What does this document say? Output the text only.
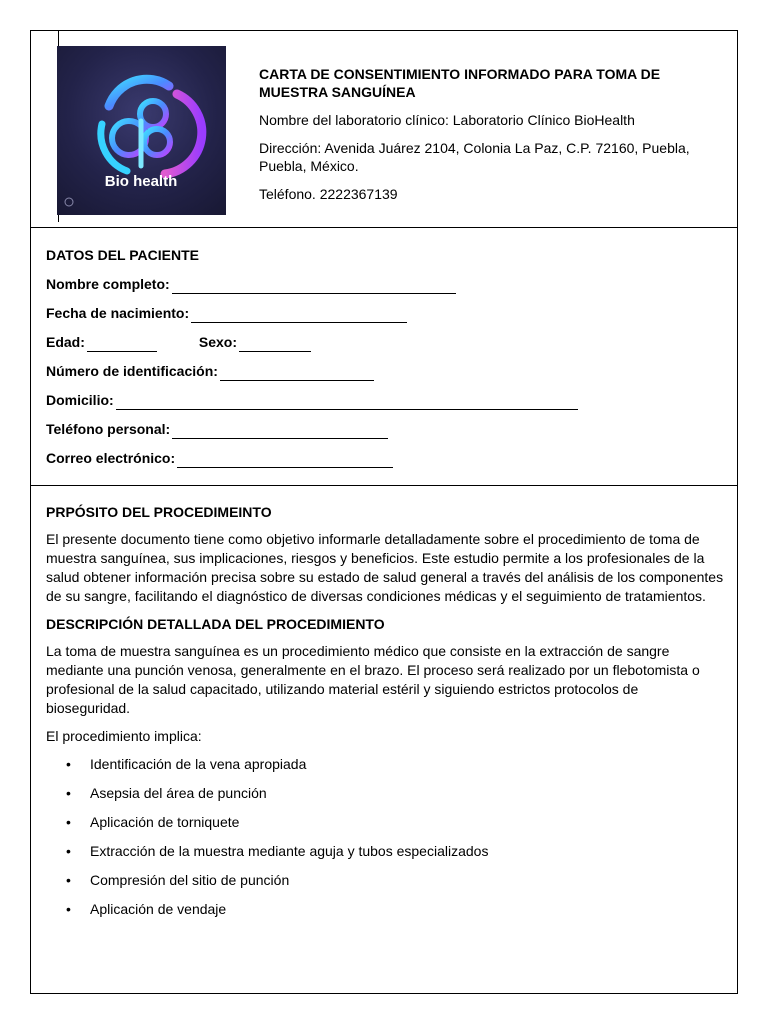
Bio health

CARTA DE CONSENTIMIENTO INFORMADO PARA TOMA DE MUESTRA SANGUÍNEA

Nombre del laboratorio clínico: Laboratorio Clínico BioHealth

Dirección: Avenida Juárez 2104, Colonia La Paz, C.P. 72160, Puebla, Puebla, México.

Teléfono. 2222367139

DATOS DEL PACIENTE

Nombre completo:
Fecha de nacimiento:
Edad:	Sexo:
Número de identificación:
Domicilio:
Teléfono personal:
Correo electrónico:
PRPÓSITO DEL PROCEDIMEINTO

El presente documento tiene como objetivo informarle detalladamente sobre el procedimiento de toma de muestra sanguínea, sus implicaciones, riesgos y beneficios. Este estudio permite a los profesionales de la salud obtener información precisa sobre su estado de salud general a través del análisis de los componentes de su sangre, facilitando el diagnóstico de diversas condiciones médicas y el seguimiento de tratamientos.

DESCRIPCIÓN DETALLADA DEL PROCEDIMIENTO

La toma de muestra sanguínea es un procedimiento médico que consiste en la extracción de sangre mediante una punción venosa, generalmente en el brazo. El proceso será realizado por un flebotomista o profesional de la salud capacitado, utilizando material estéril y siguiendo estrictos protocolos de bioseguridad.

El procedimiento implica:

• Identificación de la vena apropiada
• Asepsia del área de punción
• Aplicación de torniquete
• Extracción de la muestra mediante aguja y tubos especializados
• Compresión del sitio de punción
• Aplicación de vendaje
